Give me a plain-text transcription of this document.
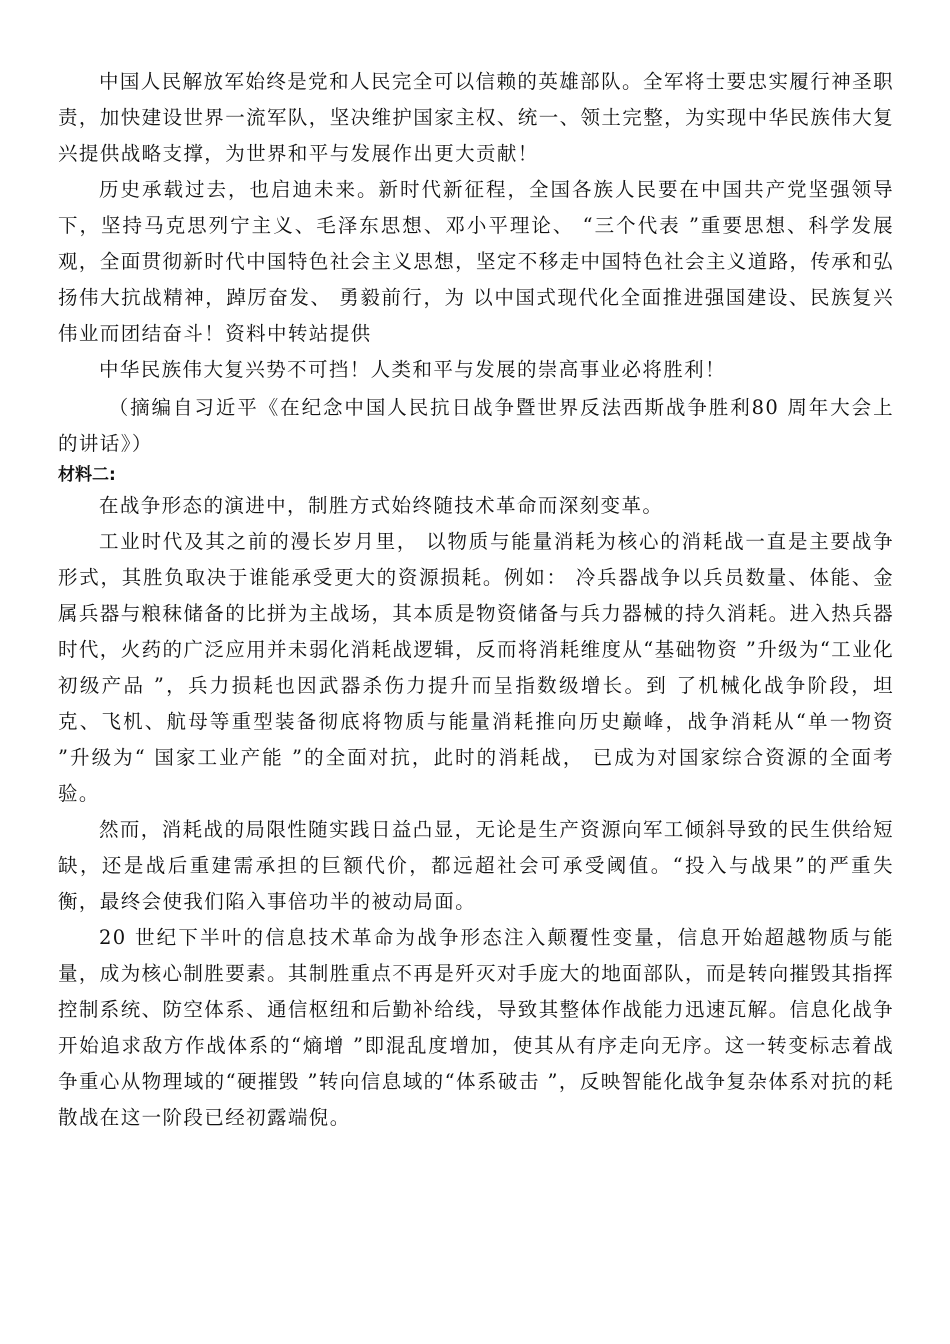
中国人民解放军始终是党和人民完全可以信赖的英雄部队。全军将士要忠实履行神圣职责，加快建设世界一流军队，坚决维护国家主权、统一、领土完整，为实现中华民族伟大复兴提供战略支撑，为世界和平与发展作出更大贡献！

历史承载过去，也启迪未来。新时代新征程，全国各族人民要在中国共产党坚强领导下，坚持马克思列宁主义、毛泽东思想、邓小平理论、 “三个代表 ”重要思想、科学发展观，全面贯彻新时代中国特色社会主义思想，坚定不移走中国特色社会主义道路，传承和弘扬伟大抗战精神，踔厉奋发、 勇毅前行，为 以中国式现代化全面推进强国建设、民族复兴伟业而团结奋斗！资料中转站提供

中华民族伟大复兴势不可挡！人类和平与发展的崇高事业必将胜利！

（摘编自习近平《在纪念中国人民抗日战争暨世界反法西斯战争胜利80 周年大会上的讲话》）

材料二:

在战争形态的演进中，制胜方式始终随技术革命而深刻变革。

工业时代及其之前的漫长岁月里， 以物质与能量消耗为核心的消耗战一直是主要战争形式，其胜负取决于谁能承受更大的资源损耗。例如： 冷兵器战争以兵员数量、体能、金属兵器与粮秣储备的比拼为主战场，其本质是物资储备与兵力器械的持久消耗。进入热兵器时代，火药的广泛应用并未弱化消耗战逻辑，反而将消耗维度从“基础物资 ”升级为“工业化初级产品 ”，兵力损耗也因武器杀伤力提升而呈指数级增长。到 了机械化战争阶段，坦克、飞机、航母等重型装备彻底将物质与能量消耗推向历史巅峰，战争消耗从“单一物资 ”升级为“ 国家工业产能 ”的全面对抗，此时的消耗战， 已成为对国家综合资源的全面考验。

然而，消耗战的局限性随实践日益凸显，无论是生产资源向军工倾斜导致的民生供给短缺，还是战后重建需承担的巨额代价，都远超社会可承受阈值。“投入与战果”的严重失衡，最终会使我们陷入事倍功半的被动局面。

20 世纪下半叶的信息技术革命为战争形态注入颠覆性变量，信息开始超越物质与能量，成为核心制胜要素。其制胜重点不再是歼灭对手庞大的地面部队，而是转向摧毁其指挥控制系统、防空体系、通信枢纽和后勤补给线，导致其整体作战能力迅速瓦解。信息化战争开始追求敌方作战体系的“熵增 ”即混乱度增加，使其从有序走向无序。这一转变标志着战争重心从物理域的“硬摧毁 ”转向信息域的“体系破击 ”，反映智能化战争复杂体系对抗的耗散战在这一阶段已经初露端倪。
